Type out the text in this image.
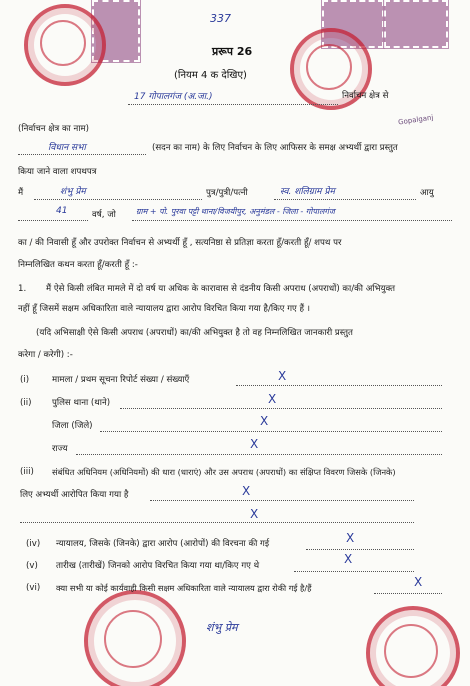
Gopalganj
337
प्ररूप 26
(नियम 4 क देखिए)
17 गोपालगंज (अ.जा.)	निर्वाचन क्षेत्र से
(निर्वाचन क्षेत्र का नाम)
विधान सभा	(सदन का नाम) के लिए निर्वाचन के लिए आफिसर के समक्ष अभ्यर्थी द्वारा प्रस्तुत
किया जाने वाला शपथपत्र
मैं	शंभु प्रेम	पुत्र/पुत्री/पत्नी	स्व. शलिग्राम प्रेम	आयु
41	वर्ष, जो	ग्राम + पो. पुरवा पट्टी थाना/विजयीपुर, अनुमंडल - जिला - गोपालगंज
का / की निवासी हूँ और उपरोक्त निर्वाचन से अभ्यर्थी हूँ , सत्यनिष्ठा से प्रतिज्ञा करता हूँ/करती हूँ/ शपथ पर
निम्नलिखित कथन करता हूँ/करती हूँ :-
1. मैं ऐसे किसी लंबित मामले में दो वर्ष या अधिक के कारावास से दंडनीय किसी अपराध (अपराधों) का/की अभियुक्त
नहीं हूँ जिसमें सक्षम अधिकारिता वाले न्यायालय द्वारा आरोप विरचित किया गया है/किए गए हैं ।
(यदि अभिसाक्षी ऐसे किसी अपराध (अपराधों) का/की अभियुक्त है तो वह निम्नलिखित जानकारी प्रस्तुत
करेगा / करेगी) :-
(i)	मामला / प्रथम सूचना रिपोर्ट संख्या / संख्याएँ	X
(ii) पुलिस थाना (थाने)	X
जिला (जिले)	X
राज्य	X
(iii) संबंधित अधिनियम (अधिनियमों) की धारा (धाराएं) और उस अपराध (अपराधों) का संक्षिप्त विवरण जिसके (जिनके)
लिए अभ्यर्थी आरोपित किया गया है	X
X
(iv) न्यायालय, जिसके (जिनके) द्वारा आरोप (आरोपों) की विरचना की गई	X
(v) तारीख (तारीखें) जिनको आरोप विरचित किया गया था/किए गए थे	X
(vi) क्या सभी या कोई कार्यवाही किसी सक्षम अधिकारिता वाले न्यायालय द्वारा रोकी गई है/हैं	X
शंभु प्रेम
